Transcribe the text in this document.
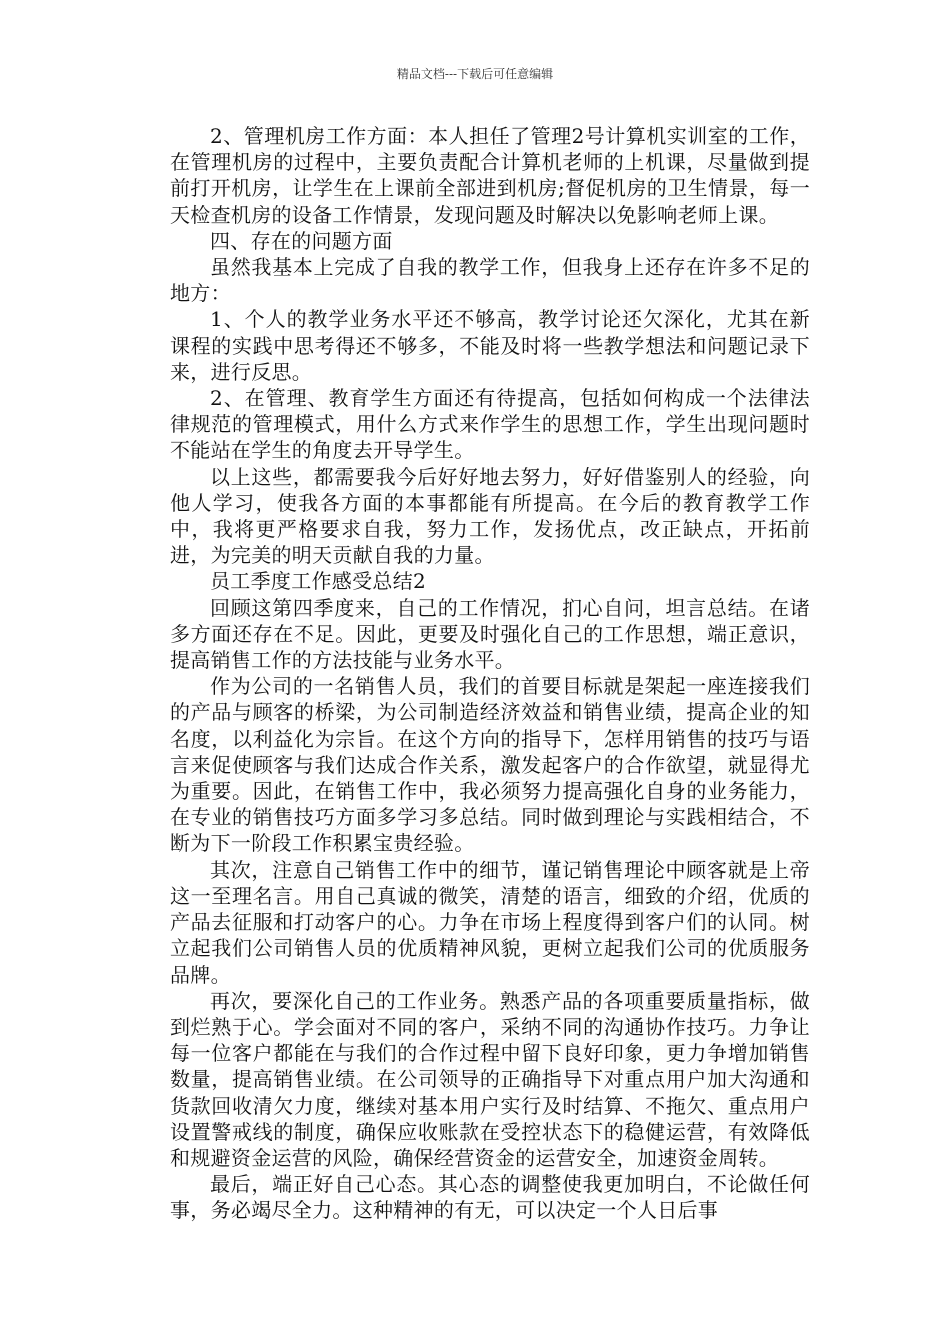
精品文档---下载后可任意编辑

2、管理机房工作方面：本人担任了管理2号计算机实训室的工作，在管理机房的过程中，主要负责配合计算机老师的上机课，尽量做到提前打开机房，让学生在上课前全部进到机房;督促机房的卫生情景，每一天检查机房的设备工作情景，发现问题及时解决以免影响老师上课。

四、存在的问题方面

虽然我基本上完成了自我的教学工作，但我身上还存在许多不足的地方：

1、个人的教学业务水平还不够高，教学讨论还欠深化，尤其在新课程的实践中思考得还不够多，不能及时将一些教学想法和问题记录下来，进行反思。

2、在管理、教育学生方面还有待提高，包括如何构成一个法律法律规范的管理模式，用什么方式来作学生的思想工作，学生出现问题时不能站在学生的角度去开导学生。

以上这些，都需要我今后好好地去努力，好好借鉴别人的经验，向他人学习，使我各方面的本事都能有所提高。在今后的教育教学工作中，我将更严格要求自我，努力工作，发扬优点，改正缺点，开拓前进，为完美的明天贡献自我的力量。

员工季度工作感受总结2

回顾这第四季度来，自己的工作情况，扪心自问，坦言总结。在诸多方面还存在不足。因此，更要及时强化自己的工作思想，端正意识，提高销售工作的方法技能与业务水平。

作为公司的一名销售人员，我们的首要目标就是架起一座连接我们的产品与顾客的桥梁，为公司制造经济效益和销售业绩，提高企业的知名度，以利益化为宗旨。在这个方向的指导下，怎样用销售的技巧与语言来促使顾客与我们达成合作关系，激发起客户的合作欲望，就显得尤为重要。因此，在销售工作中，我必须努力提高强化自身的业务能力，在专业的销售技巧方面多学习多总结。同时做到理论与实践相结合，不断为下一阶段工作积累宝贵经验。

其次，注意自己销售工作中的细节，谨记销售理论中顾客就是上帝这一至理名言。用自己真诚的微笑，清楚的语言，细致的介绍，优质的产品去征服和打动客户的心。力争在市场上程度得到客户们的认同。树立起我们公司销售人员的优质精神风貌，更树立起我们公司的优质服务品牌。

再次，要深化自己的工作业务。熟悉产品的各项重要质量指标，做到烂熟于心。学会面对不同的客户，采纳不同的沟通协作技巧。力争让每一位客户都能在与我们的合作过程中留下良好印象，更力争增加销售数量，提高销售业绩。在公司领导的正确指导下对重点用户加大沟通和货款回收清欠力度，继续对基本用户实行及时结算、不拖欠、重点用户设置警戒线的制度，确保应收账款在受控状态下的稳健运营，有效降低和规避资金运营的风险，确保经营资金的运营安全，加速资金周转。

最后，端正好自己心态。其心态的调整使我更加明白，不论做任何事，务必竭尽全力。这种精神的有无，可以决定一个人日后事
